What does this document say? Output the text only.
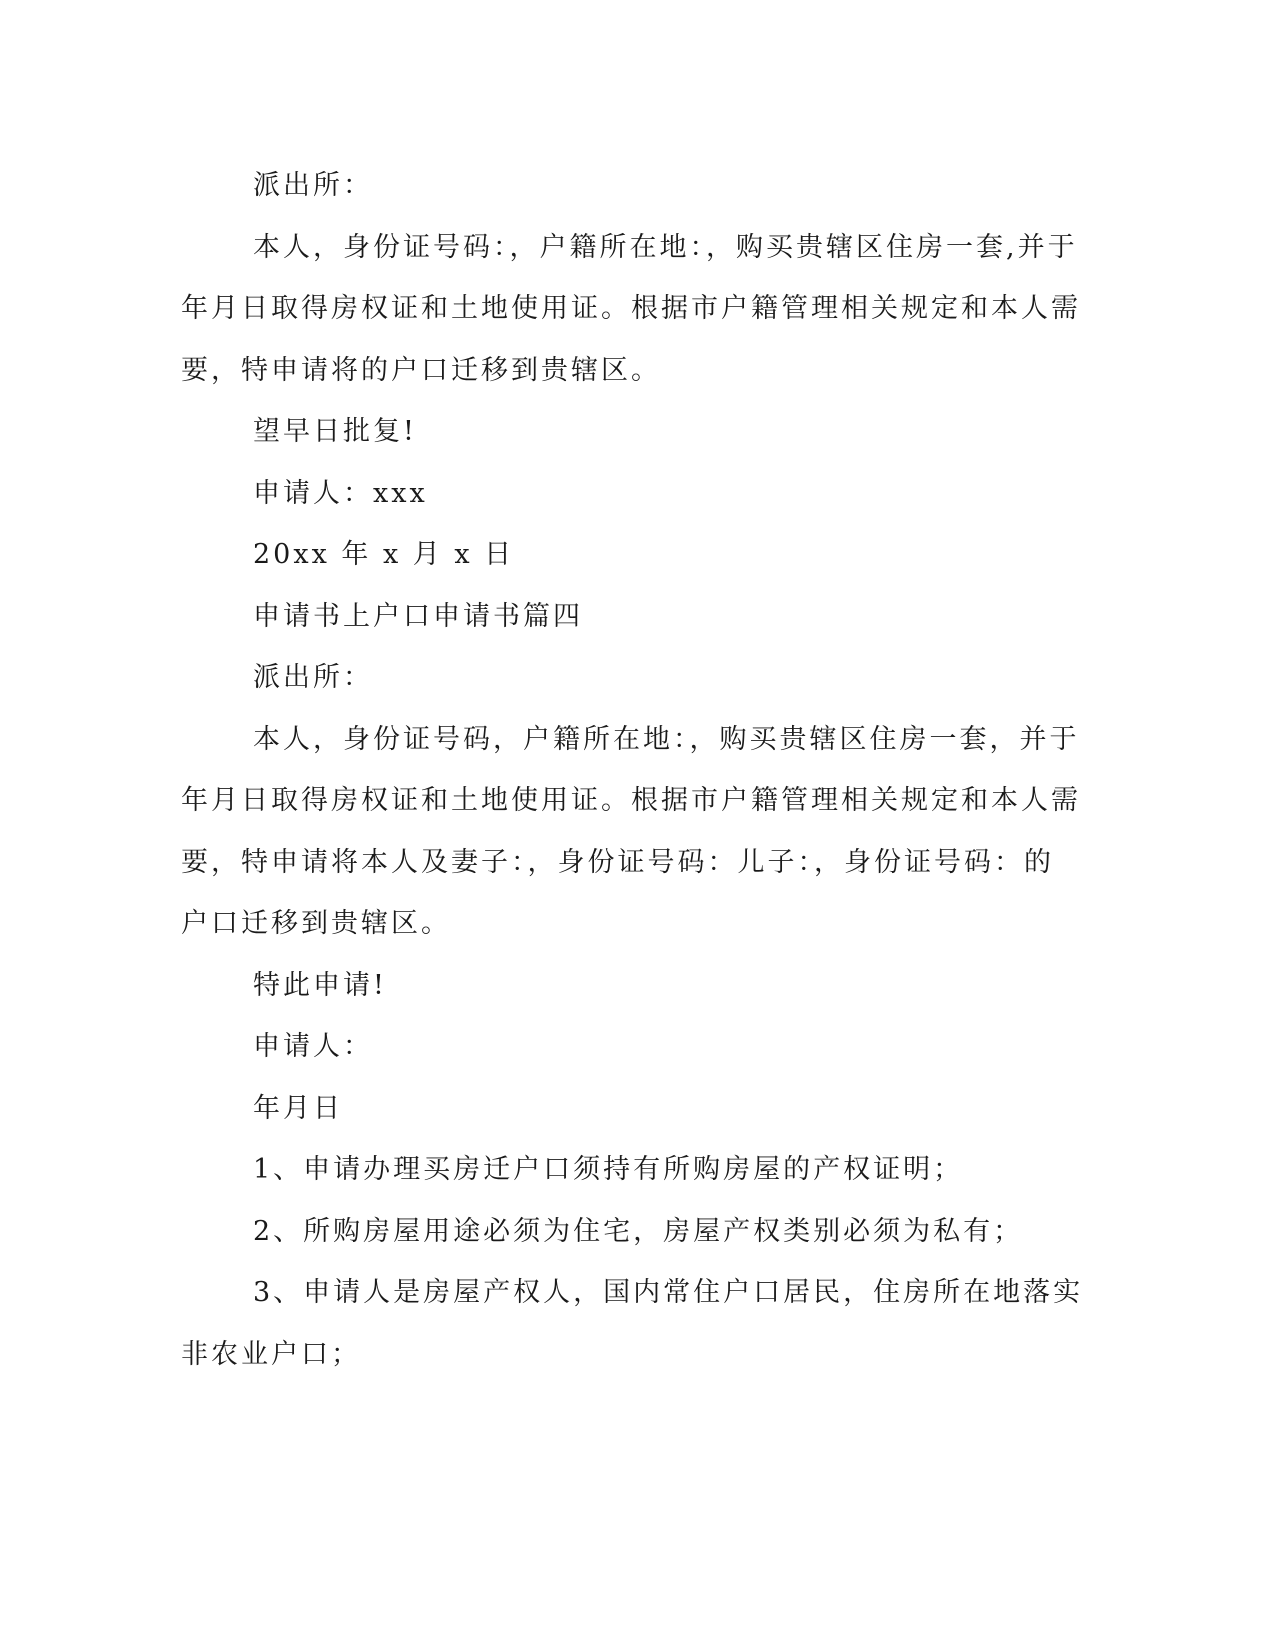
派出所：
本人，身份证号码：，户籍所在地：，购买贵辖区住房一套,并于
年月日取得房权证和土地使用证。根据市户籍管理相关规定和本人需
要，特申请将的户口迁移到贵辖区。
望早日批复!
申请人：xxx
20xx 年 x 月 x 日
申请书上户口申请书篇四
派出所：
本人，身份证号码，户籍所在地：，购买贵辖区住房一套，并于
年月日取得房权证和土地使用证。根据市户籍管理相关规定和本人需
要，特申请将本人及妻子：，身份证号码：儿子：，身份证号码：的
户口迁移到贵辖区。
特此申请!
申请人：
年月日
1、申请办理买房迁户口须持有所购房屋的产权证明；
2、所购房屋用途必须为住宅，房屋产权类别必须为私有；
3、申请人是房屋产权人，国内常住户口居民，住房所在地落实
非农业户口；
